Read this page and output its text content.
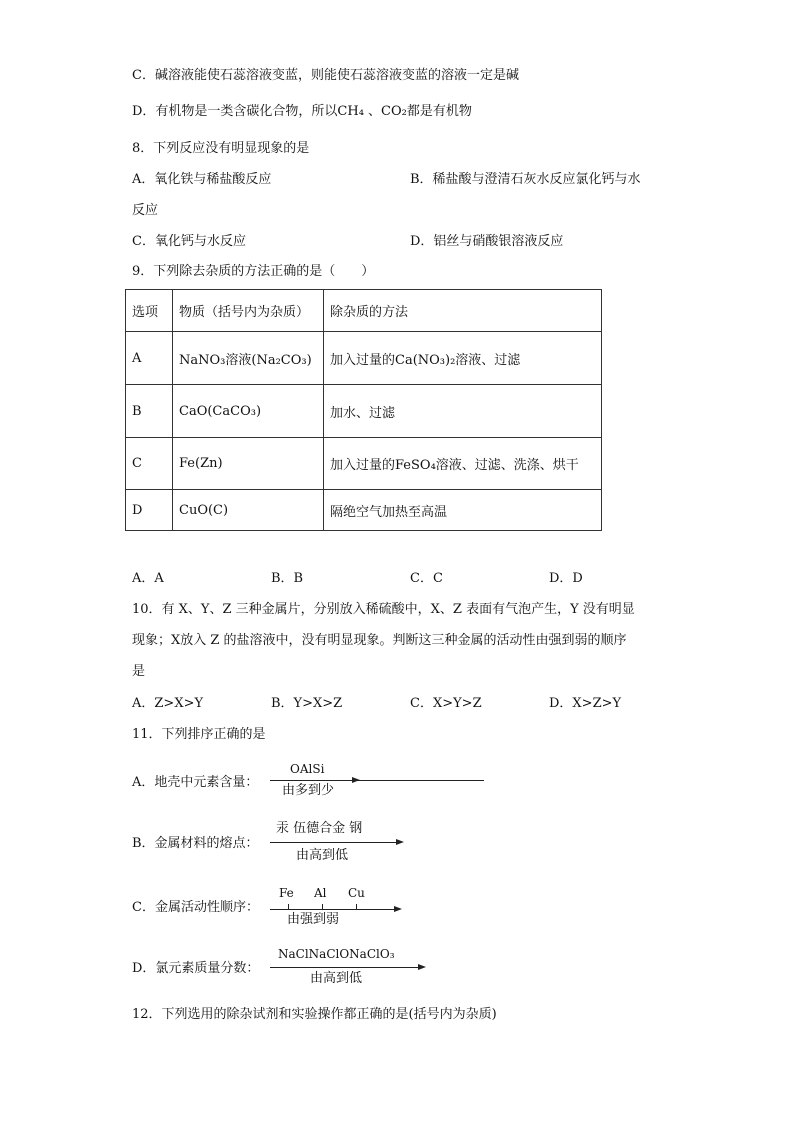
C．碱溶液能使石蕊溶液变蓝，则能使石蕊溶液变蓝的溶液一定是碱
D．有机物是一类含碳化合物，所以CH₄ 、CO₂都是有机物
8．下列反应没有明显现象的是
A．氧化铁与稀盐酸反应	B．稀盐酸与澄清石灰水反应氯化钙与水
反应
C．氧化钙与水反应	D．铝丝与硝酸银溶液反应
9．下列除去杂质的方法正确的是（　　）
选项	物质（括号内为杂质）	除杂质的方法
A	NaNO₃溶液(Na₂CO₃)	加入过量的Ca(NO₃)₂溶液、过滤
B	CaO(CaCO₃)	加水、过滤
C	Fe(Zn)	加入过量的FeSO₄溶液、过滤、洗涤、烘干
D	CuO(C)	隔绝空气加热至高温
A．A	B．B	C．C	D．D
10．有 X、Y、Z 三种金属片，分别放入稀硫酸中，X、Z 表面有气泡产生，Y 没有明显
现象；X放入 Z 的盐溶液中，没有明显现象。判断这三种金属的活动性由强到弱的顺序
是
A．Z>X>Y	B．Y>X>Z	C．X>Y>Z	D．X>Z>Y
11．下列排序正确的是
A．地壳中元素含量：
OAlSi
由多到少
B．金属材料的熔点：
汞 伍德合金 钢
由高到低
C．金属活动性顺序：
Fe Al Cu
由强到弱
D．氯元素质量分数：
NaClNaClONaClO₃
由高到低
12．下列选用的除杂试剂和实验操作都正确的是(括号内为杂质)
